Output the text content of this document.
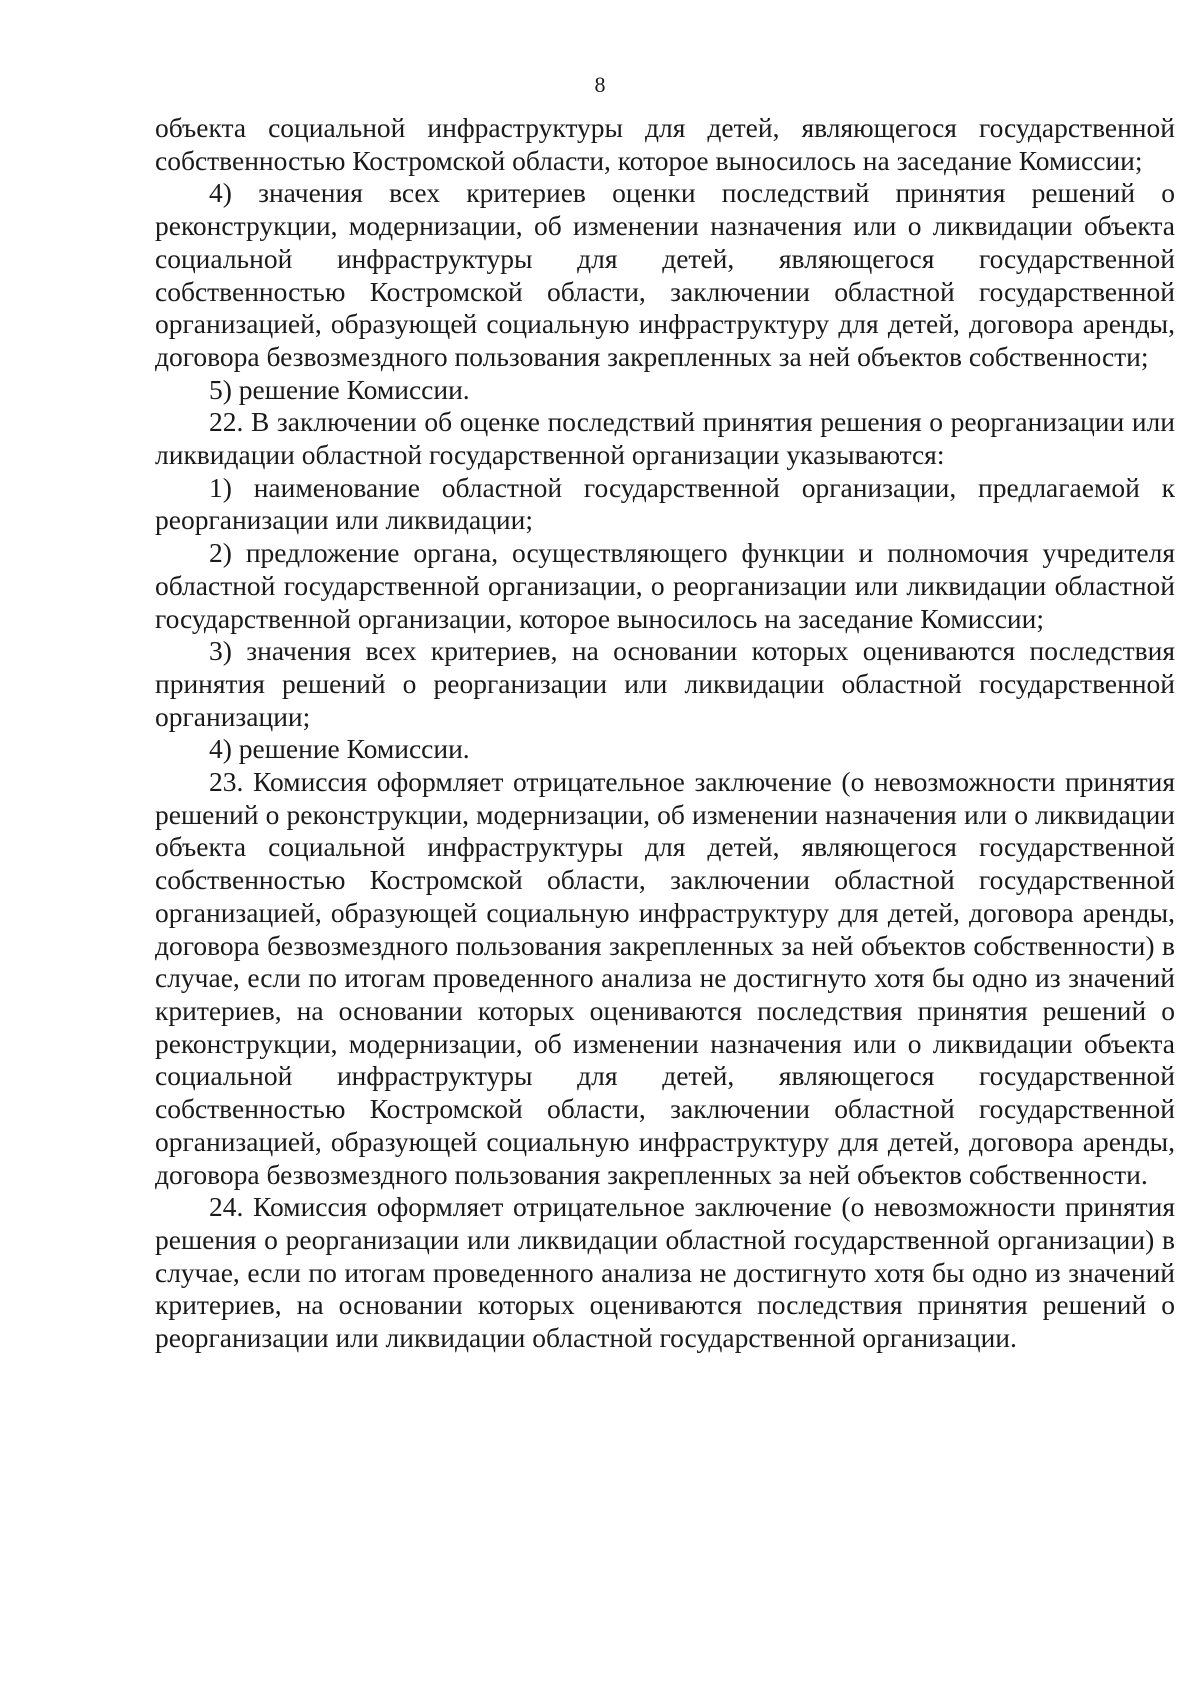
8

объекта социальной инфраструктуры для детей, являющегося государственной собственностью Костромской области, которое выносилось на заседание Комиссии;

4) значения всех критериев оценки последствий принятия решений о реконструкции, модернизации, об изменении назначения или о ликвидации объекта социальной инфраструктуры для детей, являющегося государственной собственностью Костромской области, заключении областной государственной организацией, образующей социальную инфраструктуру для детей, договора аренды, договора безвозмездного пользования закрепленных за ней объектов собственности;

5) решение Комиссии.

22. В заключении об оценке последствий принятия решения о реорганизации или ликвидации областной государственной организации указываются:

1) наименование областной государственной организации, предлагаемой к реорганизации или ликвидации;

2) предложение органа, осуществляющего функции и полномочия учредителя областной государственной организации, о реорганизации или ликвидации областной государственной организации, которое выносилось на заседание Комиссии;

3) значения всех критериев, на основании которых оцениваются последствия принятия решений о реорганизации или ликвидации областной государственной организации;

4) решение Комиссии.

23. Комиссия оформляет отрицательное заключение (о невозможности принятия решений о реконструкции, модернизации, об изменении назначения или о ликвидации объекта социальной инфраструктуры для детей, являющегося государственной собственностью Костромской области, заключении областной государственной организацией, образующей социальную инфраструктуру для детей, договора аренды, договора безвозмездного пользования закрепленных за ней объектов собственности) в случае, если по итогам проведенного анализа не достигнуто хотя бы одно из значений критериев, на основании которых оцениваются последствия принятия решений о реконструкции, модернизации, об изменении назначения или о ликвидации объекта социальной инфраструктуры для детей, являющегося государственной собственностью Костромской области, заключении областной государственной организацией, образующей социальную инфраструктуру для детей, договора аренды, договора безвозмездного пользования закрепленных за ней объектов собственности.

24. Комиссия оформляет отрицательное заключение (о невозможности принятия решения о реорганизации или ликвидации областной государственной организации) в случае, если по итогам проведенного анализа не достигнуто хотя бы одно из значений критериев, на основании которых оцениваются последствия принятия решений о реорганизации или ликвидации областной государственной организации.
